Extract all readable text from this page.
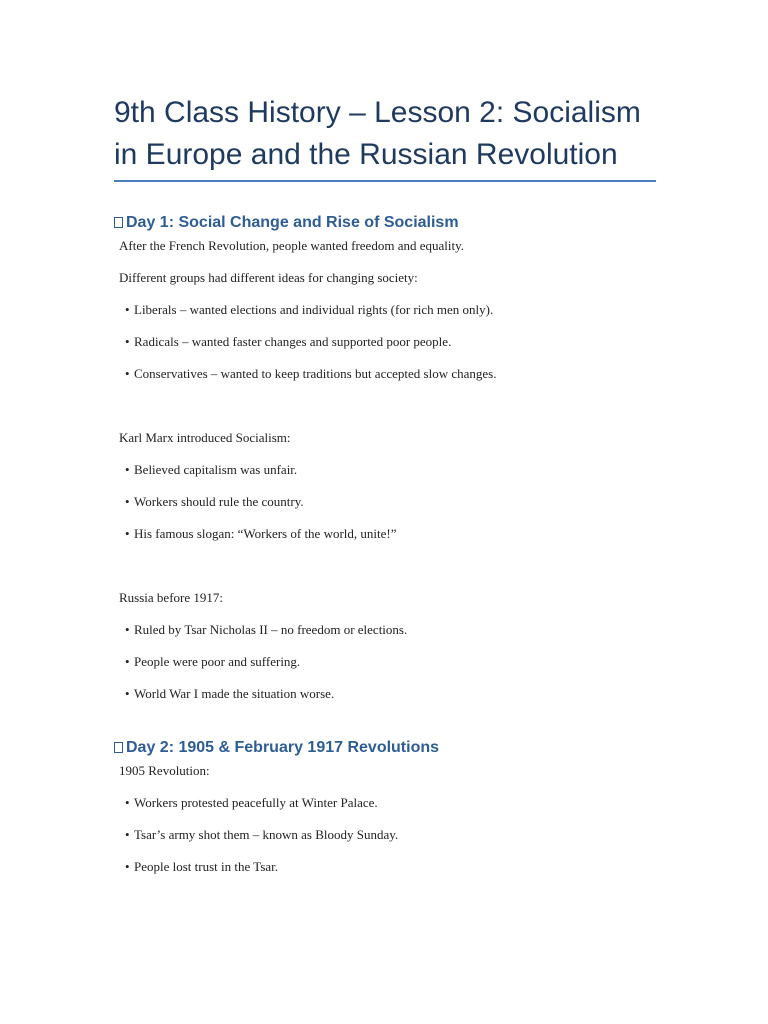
9th Class History – Lesson 2: Socialism
in Europe and the Russian Revolution
Day 1: Social Change and Rise of Socialism
After the French Revolution, people wanted freedom and equality.
Different groups had different ideas for changing society:
• Liberals – wanted elections and individual rights (for rich men only).
• Radicals – wanted faster changes and supported poor people.
• Conservatives – wanted to keep traditions but accepted slow changes.
Karl Marx introduced Socialism:
• Believed capitalism was unfair.
• Workers should rule the country.
• His famous slogan: “Workers of the world, unite!”
Russia before 1917:
• Ruled by Tsar Nicholas II – no freedom or elections.
• People were poor and suffering.
• World War I made the situation worse.
Day 2: 1905 & February 1917 Revolutions
1905 Revolution:
• Workers protested peacefully at Winter Palace.
• Tsar’s army shot them – known as Bloody Sunday.
• People lost trust in the Tsar.
